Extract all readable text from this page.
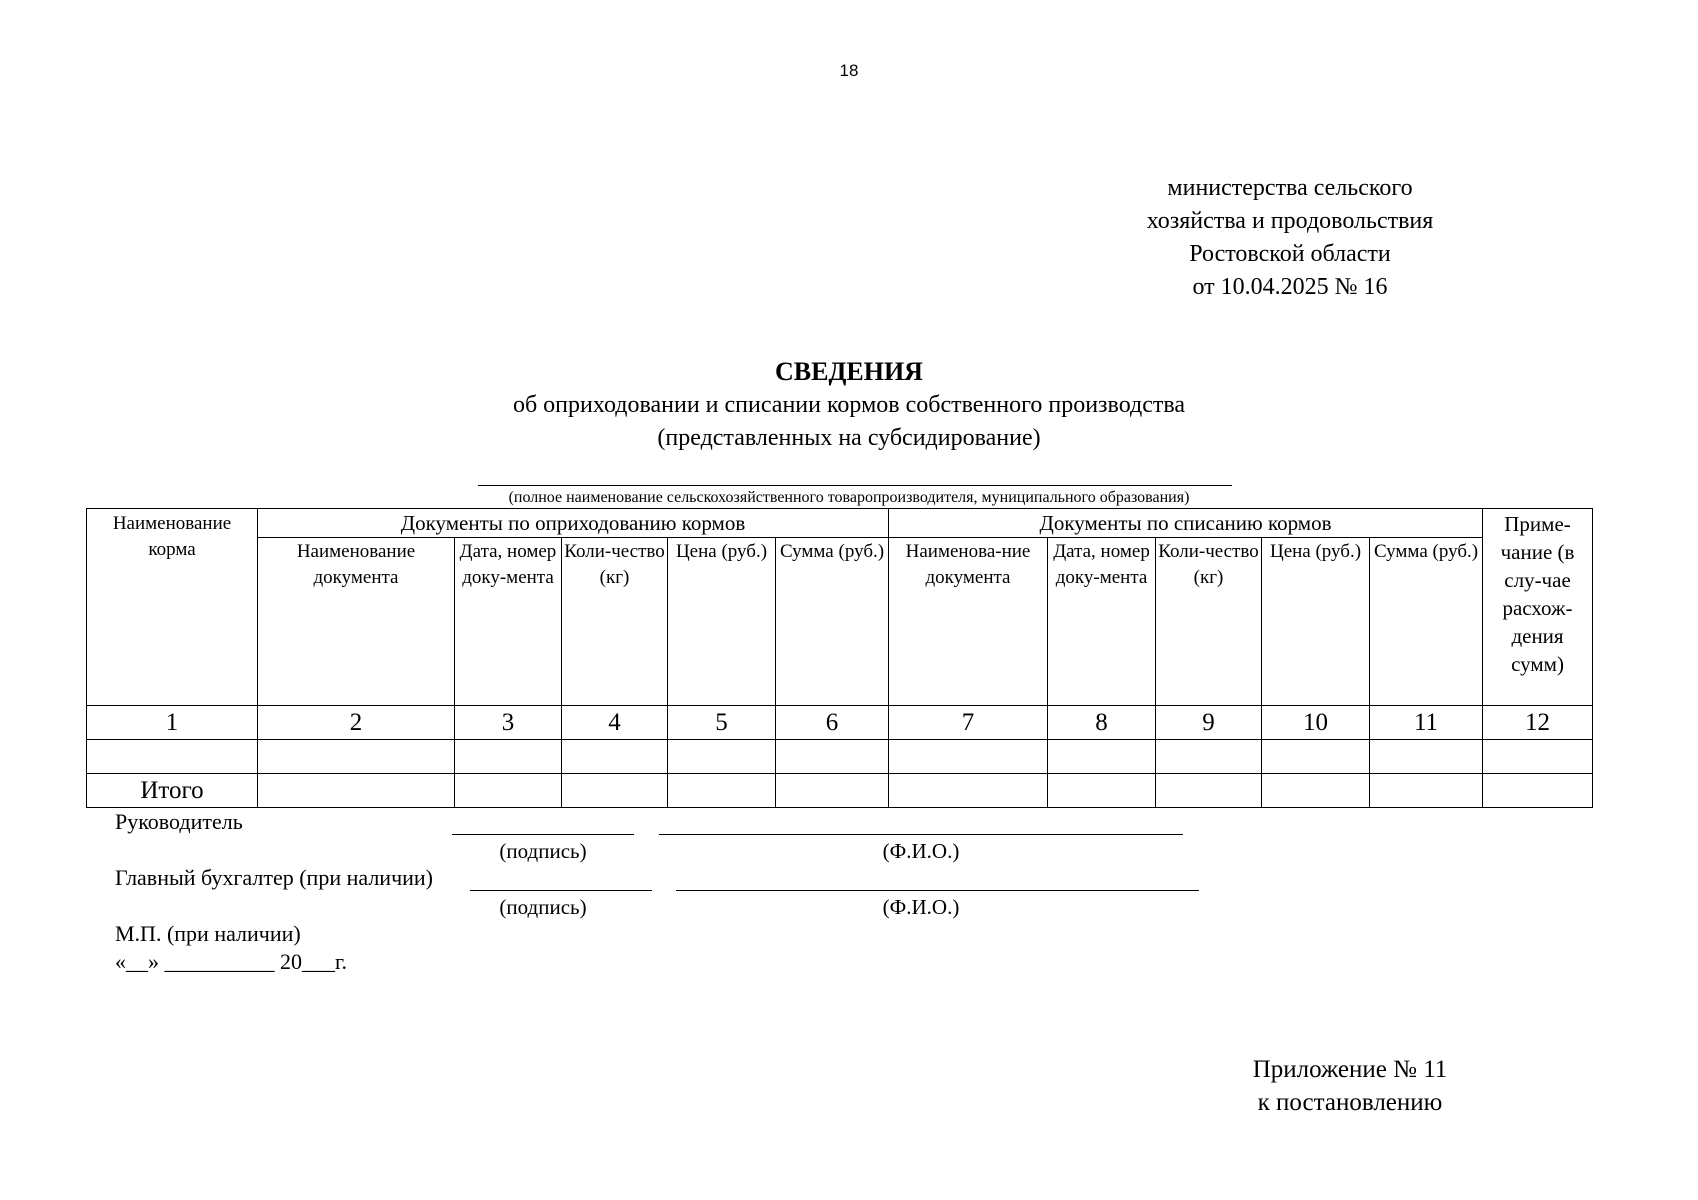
18
министерства сельского
хозяйства и продовольствия
Ростовской области
от 10.04.2025 № 16
СВЕДЕНИЯ
об оприходовании и списании кормов собственного производства
(представленных на субсидирование)
(полное наименование сельскохозяйственного товаропроизводителя, муниципального образования)
Наименование корма	Документы по оприходованию кормов					Документы по списанию кормов					Приме-чание (в слу-чае расхож-дения сумм)
	Наименование документа	Дата, номер доку-мента	Коли-чество (кг)	Цена (руб.)	Сумма (руб.)	Наименова-ние документа	Дата, номер доку-мента	Коли-чество (кг)	Цена (руб.)	Сумма (руб.)	
1	2	3	4	5	6	7	8	9	10	11	12

Итого											
Руководитель
(подпись)	(Ф.И.О.)
Главный бухгалтер (при наличии)
(подпись)	(Ф.И.О.)
М.П. (при наличии)
«__» __________ 20___г.
Приложение № 11
к постановлению
